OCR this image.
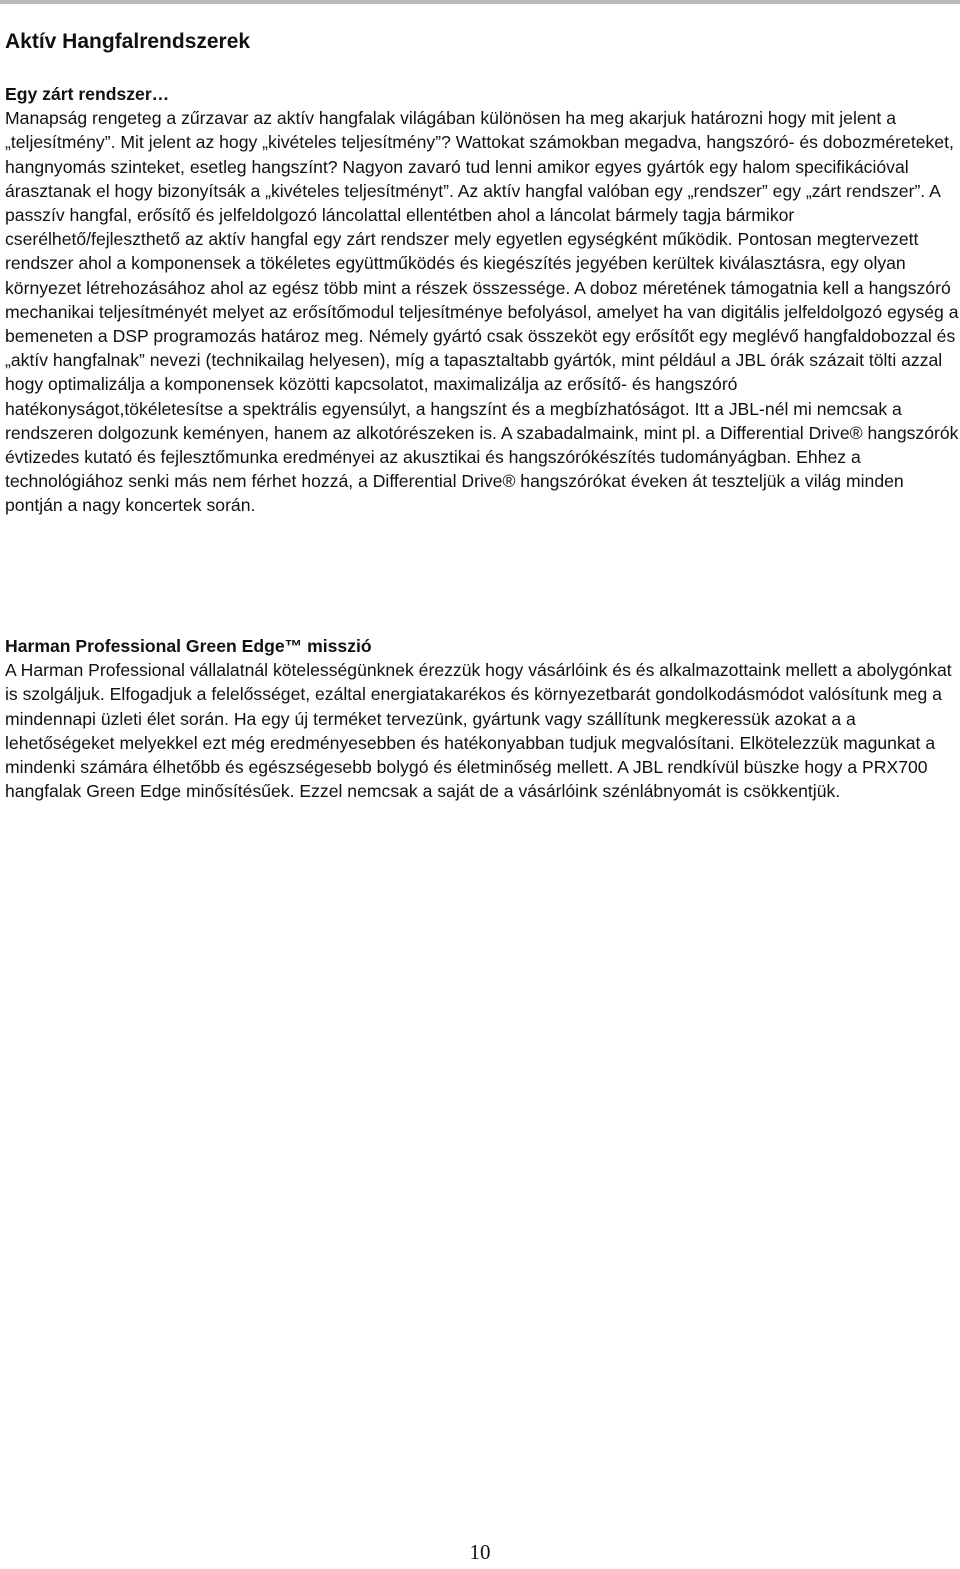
Aktív Hangfalrendszerek

Egy zárt rendszer…

Manapság rengeteg a zűrzavar az aktív hangfalak világában különösen ha meg akarjuk határozni hogy mit jelent a „teljesítmény”. Mit jelent az hogy „kivételes teljesítmény”? Wattokat számokban megadva, hangszóró- és dobozméreteket, hangnyomás szinteket, esetleg hangszínt? Nagyon zavaró tud lenni amikor egyes gyártók egy halom specifikációval árasztanak el hogy bizonyítsák a „kivételes teljesítményt”. Az aktív hangfal valóban egy „rendszer” egy „zárt rendszer”. A passzív hangfal, erősítő és jelfeldolgozó láncolattal ellentétben ahol a láncolat bármely tagja bármikor cserélhető/fejleszthető az aktív hangfal egy zárt rendszer mely egyetlen egységként működik. Pontosan megtervezett rendszer ahol a komponensek a tökéletes együttműködés és kiegészítés jegyében kerültek kiválasztásra, egy olyan környezet létrehozásához ahol az egész több mint a részek összessége. A doboz méretének támogatnia kell a hangszóró mechanikai teljesítményét melyet az erősítőmodul teljesítménye befolyásol, amelyet ha van digitális jelfeldolgozó egység a bemeneten a DSP programozás határoz meg. Némely gyártó csak összeköt egy erősítőt egy meglévő hangfaldobozzal és „aktív hangfalnak” nevezi (technikailag helyesen), míg a tapasztaltabb gyártók, mint például a JBL órák százait tölti azzal hogy optimalizálja a komponensek közötti kapcsolatot, maximalizálja az erősítő- és hangszóró hatékonyságot,tökéletesítse a spektrális egyensúlyt, a hangszínt és a megbízhatóságot. Itt a JBL-nél mi nemcsak a rendszeren dolgozunk keményen, hanem az alkotórészeken is. A szabadalmaink, mint pl. a Differential Drive® hangszórók évtizedes kutató és fejlesztőmunka eredményei az akusztikai és hangszórókészítés tudományágban. Ehhez a technológiához senki más nem férhet hozzá, a Differential Drive® hangszórókat éveken át teszteljük a világ minden pontján a nagy koncertek során.

Harman Professional Green Edge™ misszió

A Harman Professional vállalatnál kötelességünknek érezzük hogy vásárlóink és és alkalmazottaink mellett a abolygónkat is szolgáljuk. Elfogadjuk a felelősséget, ezáltal energiatakarékos és környezetbarát gondolkodásmódot valósítunk meg a mindennapi üzleti élet során. Ha egy új terméket tervezünk, gyártunk vagy szállítunk megkeressük azokat a a lehetőségeket melyekkel ezt még eredményesebben és hatékonyabban tudjuk megvalósítani. Elkötelezzük magunkat a mindenki számára élhetőbb és egészségesebb bolygó és életminőség mellett. A JBL rendkívül büszke hogy a PRX700 hangfalak Green Edge minősítésűek. Ezzel nemcsak a saját de a vásárlóink szénlábnyomát is csökkentjük.

10
